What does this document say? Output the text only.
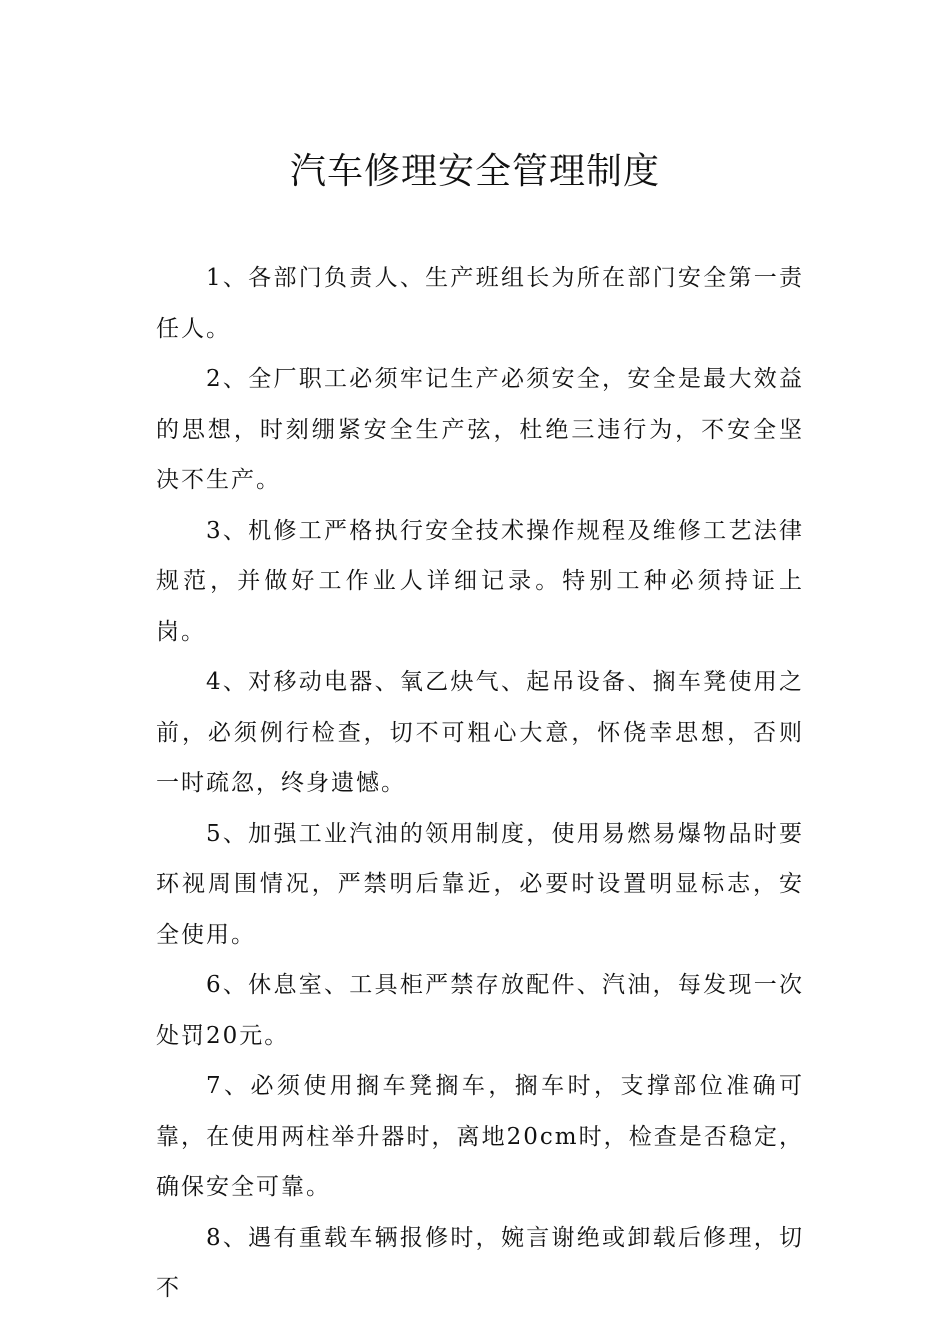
汽车修理安全管理制度

1、各部门负责人、生产班组长为所在部门安全第一责任人。

2、全厂职工必须牢记生产必须安全，安全是最大效益的思想，时刻绷紧安全生产弦，杜绝三违行为，不安全坚决不生产。

3、机修工严格执行安全技术操作规程及维修工艺法律规范，并做好工作业人详细记录。特别工种必须持证上岗。

4、对移动电器、氧乙炔气、起吊设备、搁车凳使用之前，必须例行检查，切不可粗心大意，怀侥幸思想，否则一时疏忽，终身遗憾。

5、加强工业汽油的领用制度，使用易燃易爆物品时要环视周围情况，严禁明后靠近，必要时设置明显标志，安全使用。

6、休息室、工具柜严禁存放配件、汽油，每发现一次处罚20元。

7、必须使用搁车凳搁车，搁车时，支撑部位准确可靠，在使用两柱举升器时，离地20cm时，检查是否稳定，确保安全可靠。

8、遇有重载车辆报修时，婉言谢绝或卸载后修理，切不
